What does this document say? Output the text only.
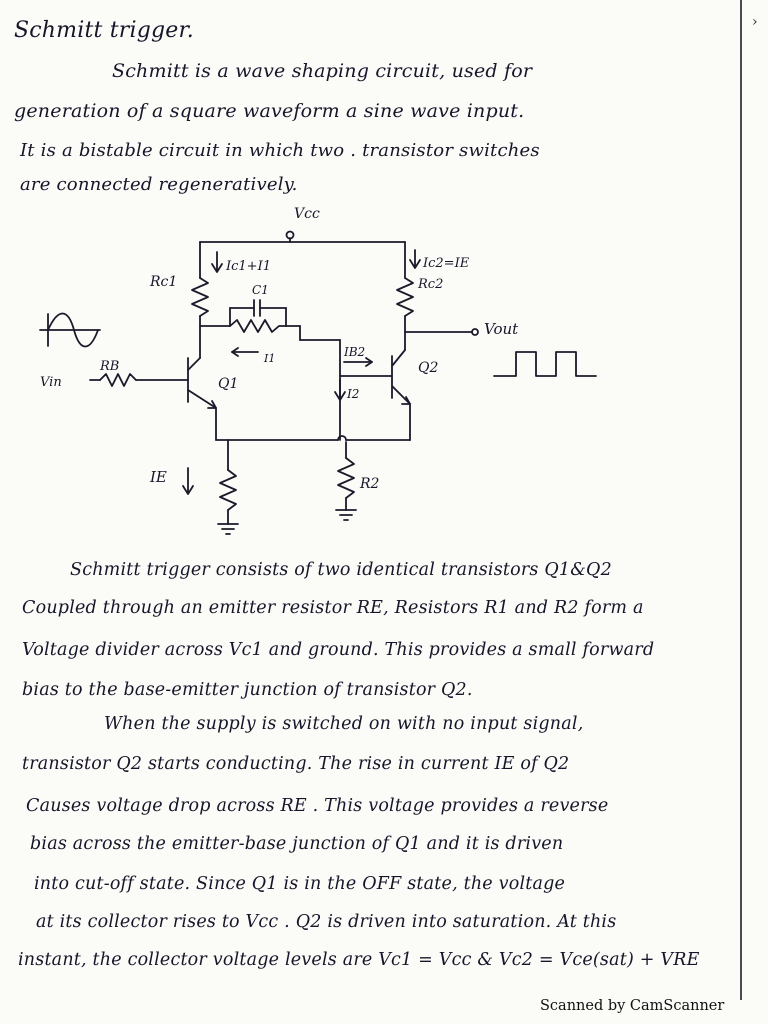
›
Schmitt trigger.
Schmitt is a wave shaping circuit, used for
generation of a square waveform a sine wave input.
It is a bistable circuit in which two . transistor switches
are connected regeneratively.
Vcc
Ic1+I1	Ic2=IE
Rc1	Rc2
C1
I1	IB2
I2
Q1
RB
Vin
Q2
Vout
IE	R2
Schmitt trigger consists of two identical transistors Q1&Q2
Coupled through an emitter resistor RE, Resistors R1 and R2 form a
Voltage divider across Vc1 and ground. This provides a small forward
bias to the base-emitter junction of transistor Q2.
When the supply is switched on with no input signal,
transistor Q2 starts conducting. The rise in current IE of Q2
Causes voltage drop across RE . This voltage provides a reverse
bias across the emitter-base junction of Q1 and it is driven
into cut-off state. Since Q1 is in the OFF state, the voltage
at its collector rises to Vcc . Q2 is driven into saturation. At this
instant, the collector voltage levels are Vc1 = Vcc & Vc2 = Vce(sat) + VRE
Scanned by CamScanner
